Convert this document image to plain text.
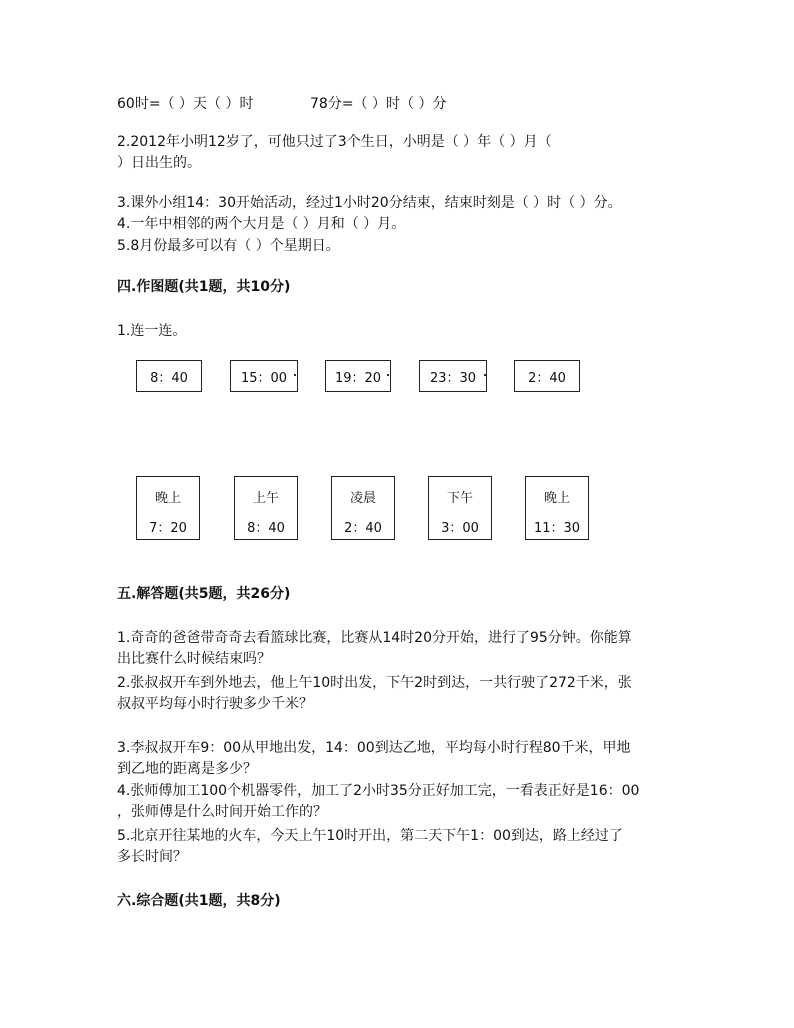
60时=（ ）天（ ）时	78分=（ ）时（ ）分
2.2012年小明12岁了，可他只过了3个生日，小明是（ ）年（ ）月（
）日出生的。
3.课外小组14：30开始活动，经过1小时20分结束，结束时刻是（ ）时（ ）分。
4.一年中相邻的两个大月是（ ）月和（ ）月。
5.8月份最多可以有（ ）个星期日。
四.作图题(共1题，共10分)
1.连一连。
8：40	15：00	19：20	23：30	2：40
晚上
7：20
上午
8：40
凌晨
2：40
下午
3：00
晚上
11：30
五.解答题(共5题，共26分)
1.奇奇的爸爸带奇奇去看篮球比赛，比赛从14时20分开始，进行了95分钟。你能算
出比赛什么时候结束吗？
2.张叔叔开车到外地去，他上午10时出发，下午2时到达，一共行驶了272千米，张
叔叔平均每小时行驶多少千米？
3.李叔叔开车9：00从甲地出发，14：00到达乙地，平均每小时行程80千米，甲地
到乙地的距离是多少？
4.张师傅加工100个机器零件，加工了2小时35分正好加工完，一看表正好是16：00
，张师傅是什么时间开始工作的？
5.北京开往某地的火车，今天上午10时开出，第二天下午1：00到达，路上经过了
多长时间？
六.综合题(共1题，共8分)
